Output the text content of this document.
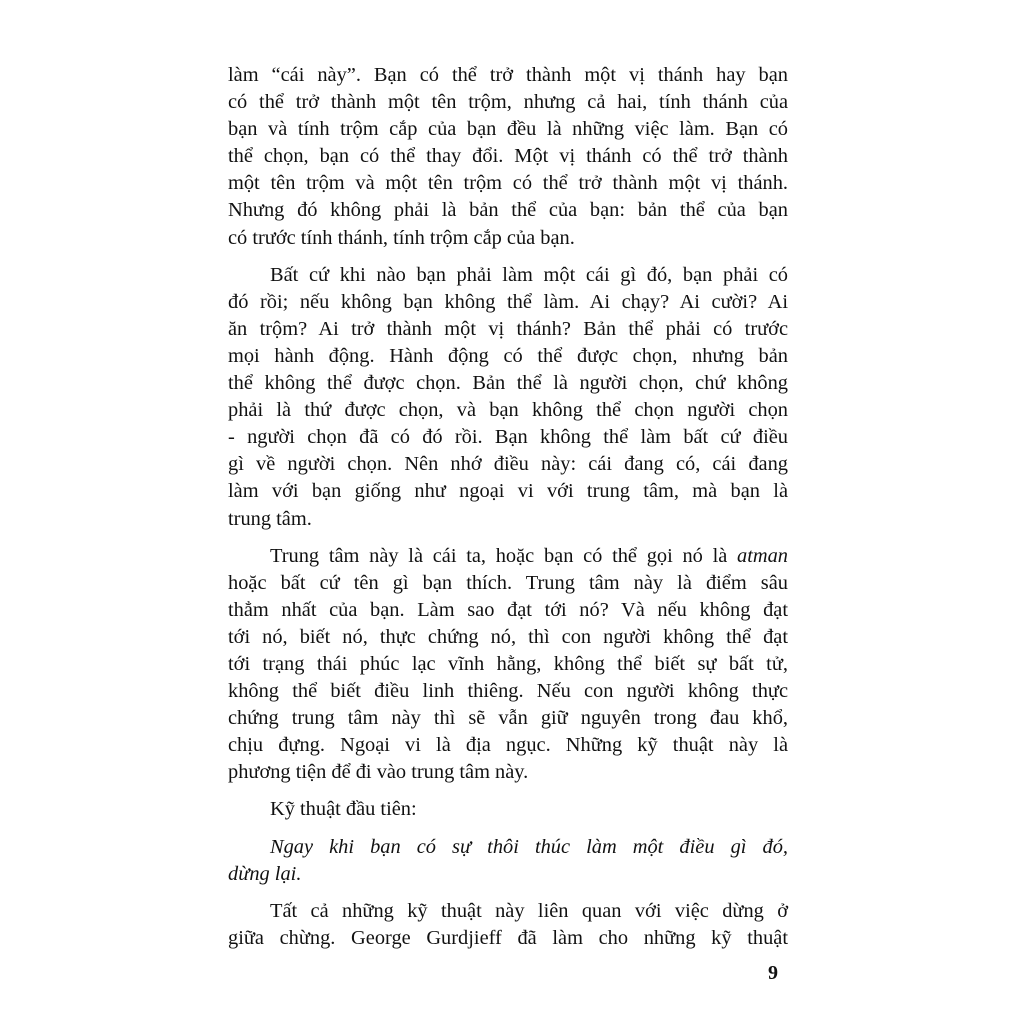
làm “cái này”. Bạn có thể trở thành một vị thánh hay bạn
có thể trở thành một tên trộm, nhưng cả hai, tính thánh của
bạn và tính trộm cắp của bạn đều là những việc làm. Bạn có
thể chọn, bạn có thể thay đổi. Một vị thánh có thể trở thành
một tên trộm và một tên trộm có thể trở thành một vị thánh.
Nhưng đó không phải là bản thể của bạn: bản thể của bạn
có trước tính thánh, tính trộm cắp của bạn.
Bất cứ khi nào bạn phải làm một cái gì đó, bạn phải có
đó rồi; nếu không bạn không thể làm. Ai chạy? Ai cười? Ai
ăn trộm? Ai trở thành một vị thánh? Bản thể phải có trước
mọi hành động. Hành động có thể được chọn, nhưng bản
thể không thể được chọn. Bản thể là người chọn, chứ không
phải là thứ được chọn, và bạn không thể chọn người chọn
- người chọn đã có đó rồi. Bạn không thể làm bất cứ điều
gì về người chọn. Nên nhớ điều này: cái đang có, cái đang
làm với bạn giống như ngoại vi với trung tâm, mà bạn là
trung tâm.
Trung tâm này là cái ta, hoặc bạn có thể gọi nó là atman
hoặc bất cứ tên gì bạn thích. Trung tâm này là điểm sâu
thẳm nhất của bạn. Làm sao đạt tới nó? Và nếu không đạt
tới nó, biết nó, thực chứng nó, thì con người không thể đạt
tới trạng thái phúc lạc vĩnh hằng, không thể biết sự bất tử,
không thể biết điều linh thiêng. Nếu con người không thực
chứng trung tâm này thì sẽ vẫn giữ nguyên trong đau khổ,
chịu đựng. Ngoại vi là địa ngục. Những kỹ thuật này là
phương tiện để đi vào trung tâm này.
Kỹ thuật đầu tiên:
Ngay khi bạn có sự thôi thúc làm một điều gì đó,
dừng lại.
Tất cả những kỹ thuật này liên quan với việc dừng ở
giữa chừng. George Gurdjieff đã làm cho những kỹ thuật
9
